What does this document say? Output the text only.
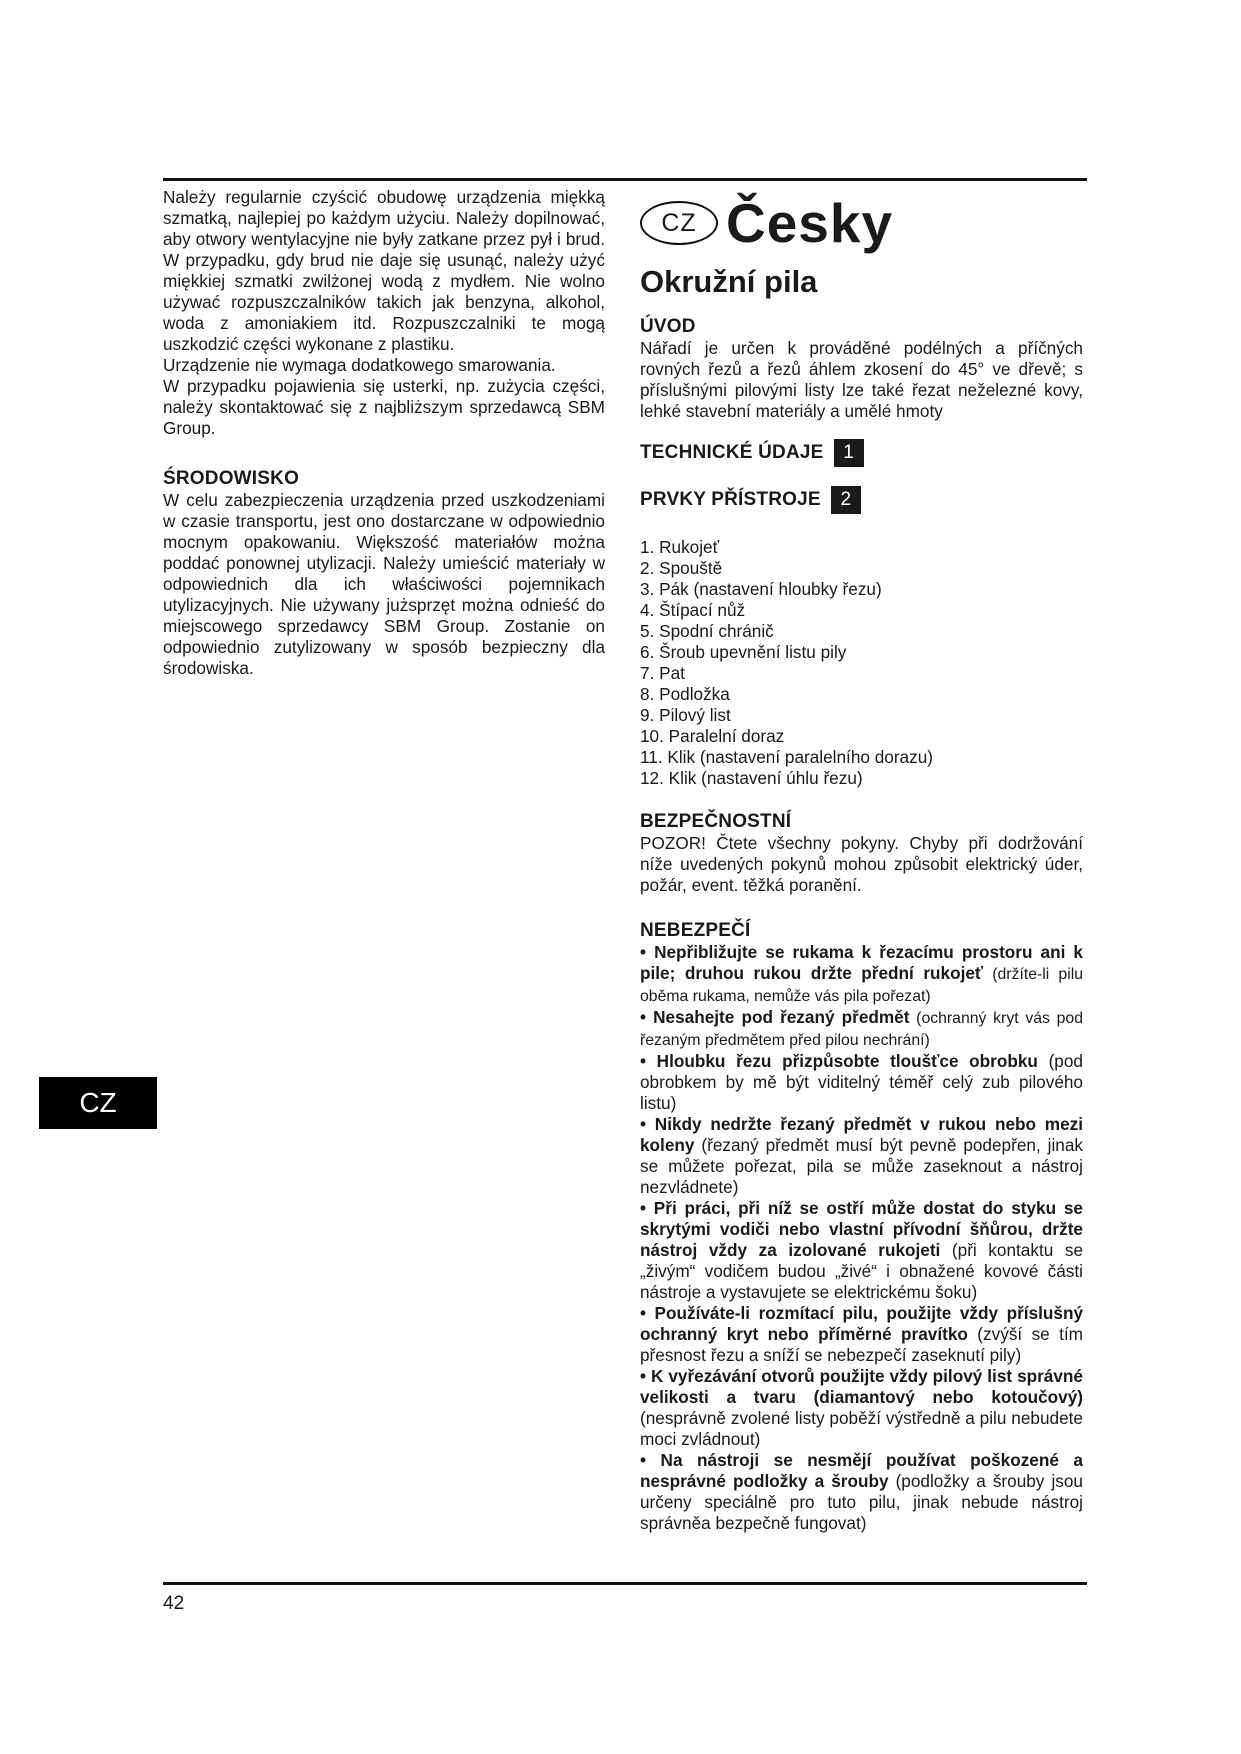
Należy regularnie czyścić obudowę urządzenia miękką szmatką, najlepiej po każdym użyciu. Należy dopilnować, aby otwory wentylacyjne nie były zatkane przez pył i brud. W przypadku, gdy brud nie daje się usunąć, należy użyć miękkiej szmatki zwilżonej wodą z mydłem. Nie wolno używać rozpuszczalników takich jak benzyna, alkohol, woda z amoniakiem itd. Rozpuszczalniki te mogą uszkodzić części wykonane z plastiku.

Urządzenie nie wymaga dodatkowego smarowania.

W przypadku pojawienia się usterki, np. zużycia części, należy skontaktować się z najbliższym sprzedawcą SBM Group.

ŚRODOWISKO

W celu zabezpieczenia urządzenia przed uszkodzeniami w czasie transportu, jest ono dostarczane w odpowiednio mocnym opakowaniu. Większość materiałów można poddać ponownej utylizacji. Należy umieścić materiały w odpowiednich dla ich właściwości pojemnikach utylizacyjnych. Nie używany jużsprzęt można odnieść do miejscowego sprzedawcy SBM Group. Zostanie on odpowiednio zutylizowany w sposób bezpieczny dla środowiska.

CZ Česky
Okružní pila
ÚVOD

Nářadí je určen k prováděné podélných a příčných rovných řezů a řezů áhlem zkosení do 45° ve dřevě; s příslušnými pilovými listy lze také řezat neželezné kovy, lehké stavební materiály a umělé hmoty

TECHNICKÉ ÚDAJE	1
PRVKY PŘÍSTROJE	2
1. Rukojeť
2. Spouště
3. Pák (nastavení hloubky řezu)
4. Štípací nůž
5. Spodní chránič
6. Šroub upevnění listu pily
7. Pat
8. Podložka
9. Pilový list
10. Paralelní doraz
11. Klik (nastavení paralelního dorazu)
12. Klik (nastavení úhlu řezu)
BEZPEČNOSTNÍ

POZOR! Čtete všechny pokyny. Chyby při dodržování níže uvedených pokynů mohou způsobit elektrický úder, požár, event. těžká poranění.

NEBEZPEČÍ

• Nepřibližujte se rukama k řezacímu prostoru ani k pile; druhou rukou držte přední rukojeť (držíte-li pilu oběma rukama, nemůže vás pila pořezat)

• Nesahejte pod řezaný předmět (ochranný kryt vás pod řezaným předmětem před pilou nechrání)

• Hloubku řezu přizpůsobte tloušťce obrobku (pod obrobkem by mě být viditelný téměř celý zub pilového listu)

• Nikdy nedržte řezaný předmět v rukou nebo mezi koleny (řezaný předmět musí být pevně podepřen, jinak se můžete pořezat, pila se může zaseknout a nástroj nezvládnete)

• Při práci, při níž se ostří může dostat do styku se skrytými vodiči nebo vlastní přívodní šňůrou, držte nástroj vždy za izolované rukojeti (při kontaktu se „živým“ vodičem budou „živé“ i obnažené kovové části nástroje a vystavujete se elektrickému šoku)

• Používáte-li rozmítací pilu, použijte vždy příslušný ochranný kryt nebo příměrné pravítko (zvýší se tím přesnost řezu a sníží se nebezpečí zaseknutí pily)

• K vyřezávání otvorů použijte vždy pilový list správné velikosti a tvaru (diamantový nebo kotoučový) (nesprávně zvolené listy poběží výstředně a pilu nebudete moci zvládnout)

• Na nástroji se nesmějí používat poškozené a nesprávné podložky a šrouby (podložky a šrouby jsou určeny speciálně pro tuto pilu, jinak nebude nástroj správněa bezpečně fungovat)

CZ
42
